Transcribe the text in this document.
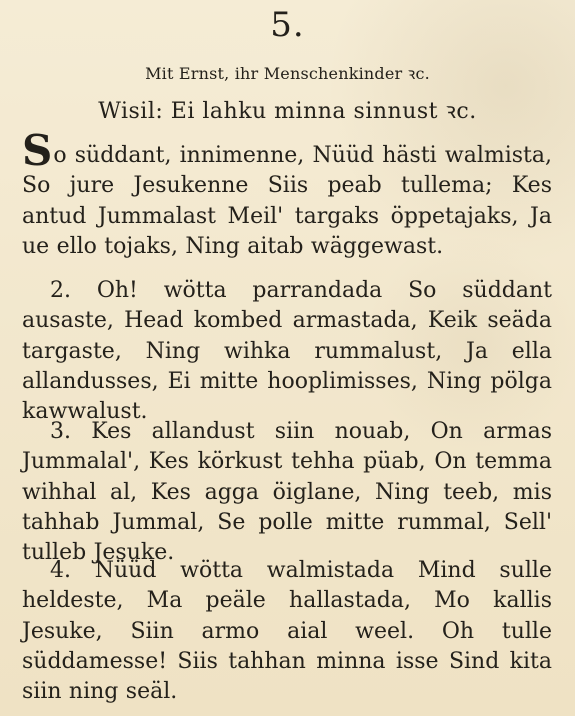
5.
Mit Ernst, ihr Menschenkinder ꝛc.
Wisil: Ei lahku minna sinnust ꝛc.
So süddant, innimenne, Nüüd hästi walmista, So jure Jesukenne Siis peab tullema; Kes antud Jummalast Meil' targaks öppetajaks, Ja ue ello tojaks, Ning aitab wäggewast.
2. Oh! wötta parrandada So süddant ausaste, Head kombed armastada, Keik seäda targaste, Ning wihka rummalust, Ja ella allandusses, Ei mitte hooplimisses, Ning pölga kawwalust.
3. Kes allandust siin nouab, On armas Jummalal', Kes körkust tehha püab, On temma wihhal al, Kes agga öiglane, Ning teeb, mis tahhab Jummal, Se polle mitte rummal, Sell' tulleb Jesuke.
4. Nüüd wötta walmistada Mind sulle heldeste, Ma peäle hallastada, Mo kallis Jesuke, Siin armo aial weel. Oh tulle süddamesse! Siis tahhan minna isse Sind kita siin ning seäl.
